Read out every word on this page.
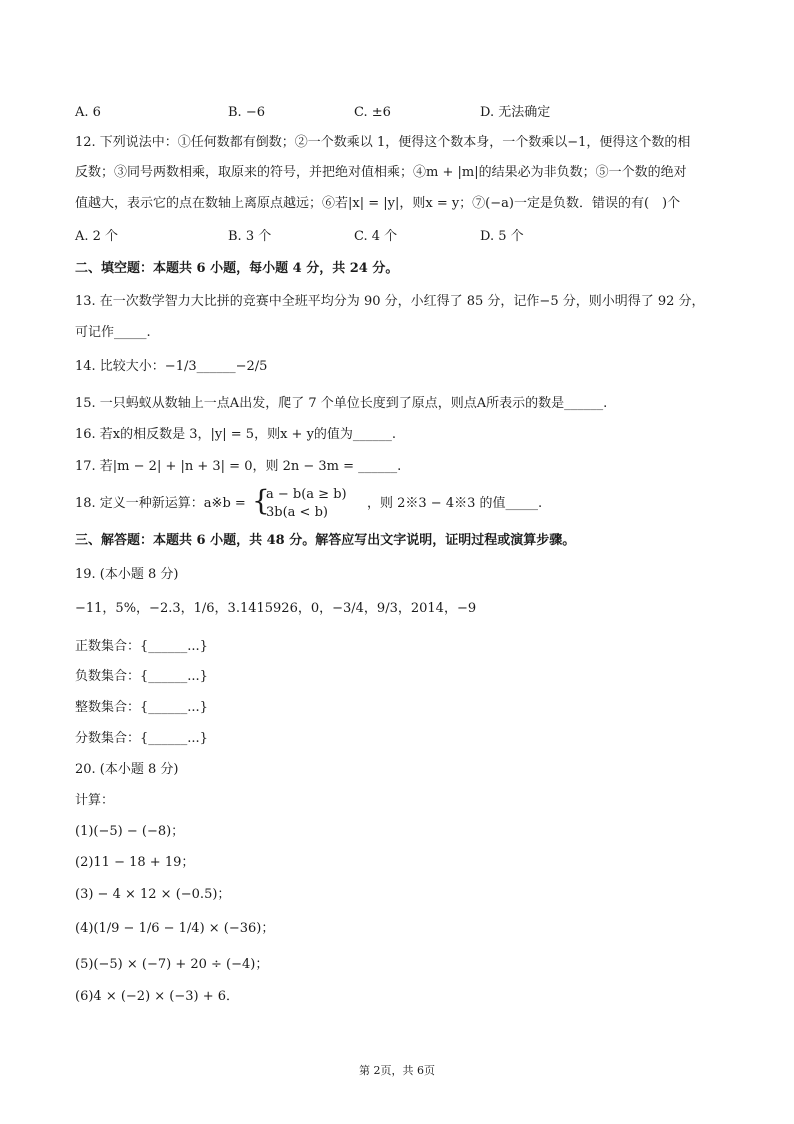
A. 6	B. −6	C. ±6	D. 无法确定
12. 下列说法中：①任何数都有倒数；②一个数乘以 1，便得这个数本身，一个数乘以−1，便得这个数的相
反数；③同号两数相乘，取原来的符号，并把绝对值相乘；④m + |m|的结果必为非负数；⑤一个数的绝对
值越大，表示它的点在数轴上离原点越远；⑥若|x| = |y|，则x = y；⑦(−a)一定是负数．错误的有(　)个
A. 2 个	B. 3 个	C. 4 个	D. 5 个
二、填空题：本题共 6 小题，每小题 4 分，共 24 分。
13. 在一次数学智力大比拼的竞赛中全班平均分为 90 分，小红得了 85 分，记作−5 分，则小明得了 92 分，
可记作_____.
14. 比较大小：−1/3______−2/5
15. 一只蚂蚁从数轴上一点A出发，爬了 7 个单位长度到了原点，则点A所表示的数是______.
16. 若x的相反数是 3，|y| = 5，则x + y的值为______.
17. 若|m − 2| + |n + 3| = 0，则 2n − 3m = ______.
18. 定义一种新运算：a※b = {
a − b(a ≥ b)
3b(a < b)
，则 2※3 − 4※3 的值_____.
三、解答题：本题共 6 小题，共 48 分。解答应写出文字说明，证明过程或演算步骤。
19. (本小题 8 分)
−11，5%，−2.3，1/6，3.1415926，0，−3/4，9/3，2014，−9
正数集合：{______...}
负数集合：{______...}
整数集合：{______...}
分数集合：{______...}
20. (本小题 8 分)
计算：
(1)(−5) − (−8)；
(2)11 − 18 + 19；
(3) − 4 × 12 × (−0.5)；
(4)(1/9 − 1/6 − 1/4) × (−36)；
(5)(−5) × (−7) + 20 ÷ (−4)；
(6)4 × (−2) × (−3) + 6．
第 2页，共 6页
